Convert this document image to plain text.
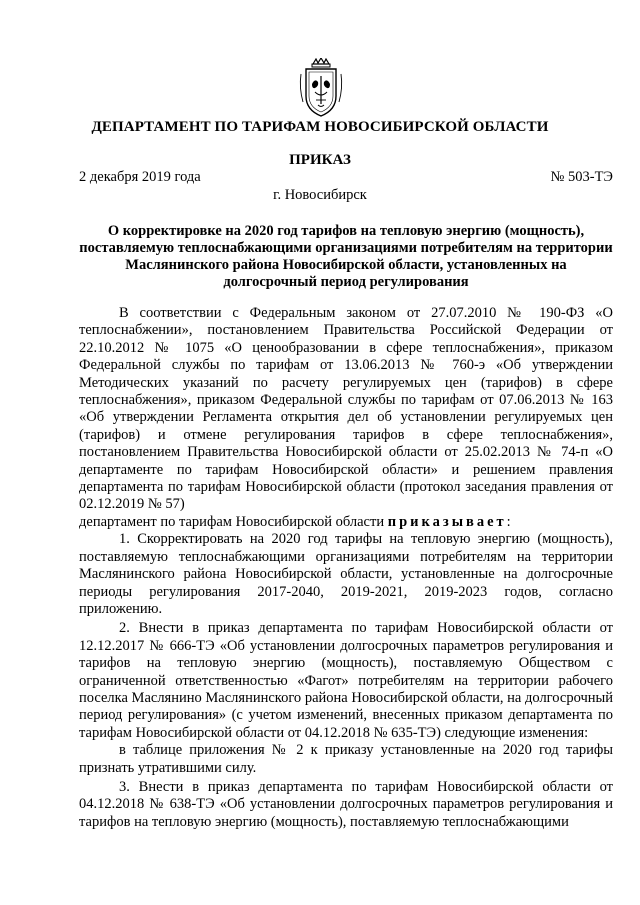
ДЕПАРТАМЕНТ ПО ТАРИФАМ НОВОСИБИРСКОЙ ОБЛАСТИ
ПРИКАЗ
2 декабря 2019 года	№ 503-ТЭ
г. Новосибирск
О корректировке на 2020 год тарифов на тепловую энергию (мощность), поставляемую теплоснабжающими организациями потребителям на территории Маслянинского района Новосибирской области, установленных на долгосрочный период регулирования

В соответствии с Федеральным законом от 27.07.2010 № 190-ФЗ «О теплоснабжении», постановлением Правительства Российской Федерации от 22.10.2012 № 1075 «О ценообразовании в сфере теплоснабжения», приказом Федеральной службы по тарифам от 13.06.2013 № 760-э «Об утверждении Методических указаний по расчету регулируемых цен (тарифов) в сфере теплоснабжения», приказом Федеральной службы по тарифам от 07.06.2013 № 163 «Об утверждении Регламента открытия дел об установлении регулируемых цен (тарифов) и отмене регулирования тарифов в сфере теплоснабжения», постановлением Правительства Новосибирской области от 25.02.2013 № 74-п «О департаменте по тарифам Новосибирской области» и решением правления департамента по тарифам Новосибирской области (протокол заседания правления от 02.12.2019 № 57)

департамент по тарифам Новосибирской области приказывает:

1. Скорректировать на 2020 год тарифы на тепловую энергию (мощность), поставляемую теплоснабжающими организациями потребителям на территории Маслянинского района Новосибирской области, установленные на долгосрочные периоды регулирования 2017-2040, 2019-2021, 2019-2023 годов, согласно приложению.

2. Внести в приказ департамента по тарифам Новосибирской области от 12.12.2017 № 666-ТЭ «Об установлении долгосрочных параметров регулирования и тарифов на тепловую энергию (мощность), поставляемую Обществом с ограниченной ответственностью «Фагот» потребителям на территории рабочего поселка Маслянино Маслянинского района Новосибирской области, на долгосрочный период регулирования» (с учетом изменений, внесенных приказом департамента по тарифам Новосибирской области от 04.12.2018 № 635-ТЭ) следующие изменения:

в таблице приложения № 2 к приказу установленные на 2020 год тарифы признать утратившими силу.

3. Внести в приказ департамента по тарифам Новосибирской области от 04.12.2018 № 638-ТЭ «Об установлении долгосрочных параметров регулирования и тарифов на тепловую энергию (мощность), поставляемую теплоснабжающими
